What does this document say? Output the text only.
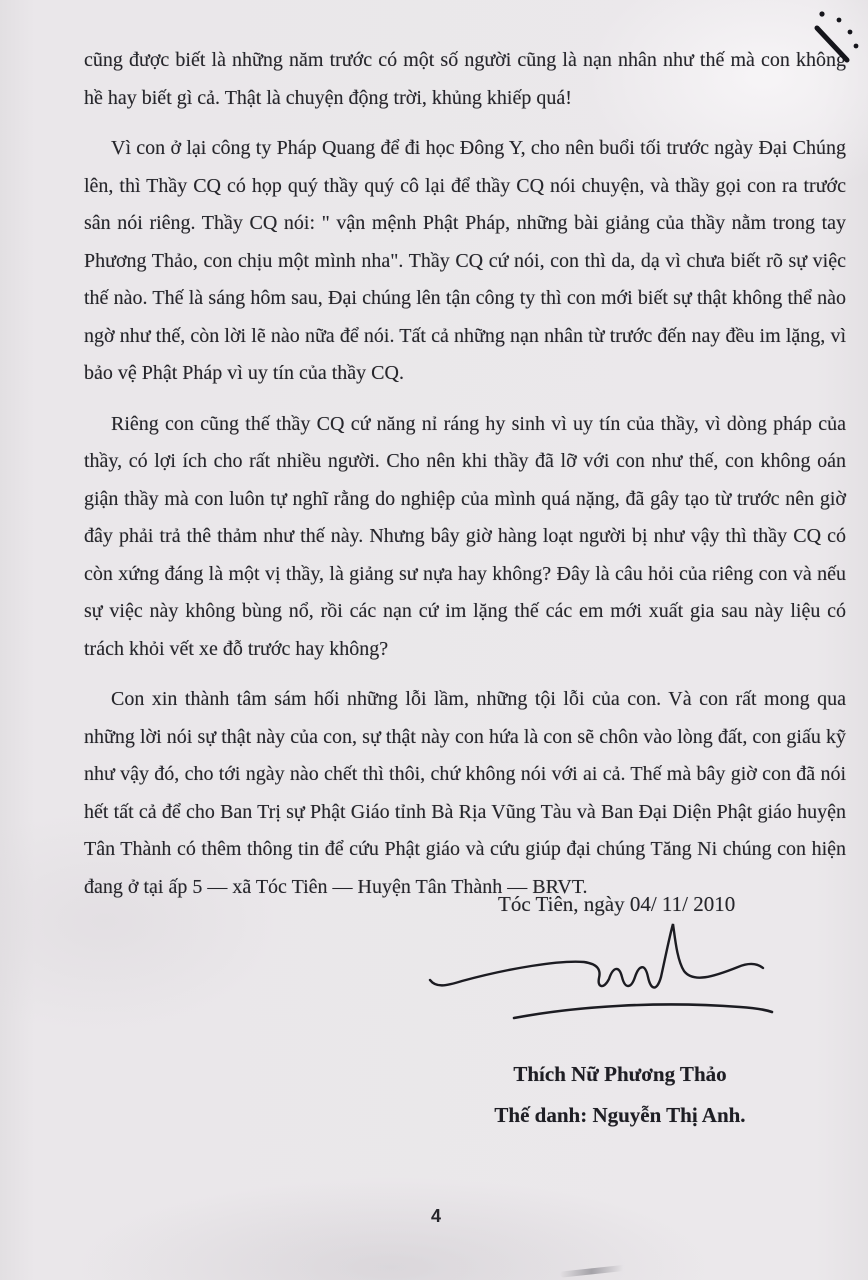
cũng được biết là những năm trước có một số người cũng là nạn nhân như thế mà con không hề hay biết gì cả. Thật là chuyện động trời, khủng khiếp quá!

Vì con ở lại công ty Pháp Quang để đi học Đông Y, cho nên buổi tối trước ngày Đại Chúng lên, thì Thầy CQ có họp quý thầy quý cô lại để thầy CQ nói chuyện, và thầy gọi con ra trước sân nói riêng. Thầy CQ nói: " vận mệnh Phật Pháp, những bài giảng của thầy nằm trong tay Phương Thảo, con chịu một mình nha". Thầy CQ cứ nói, con thì da, dạ vì chưa biết rõ sự việc thế nào. Thế là sáng hôm sau, Đại chúng lên tận công ty thì con mới biết sự thật không thể nào ngờ như thế, còn lời lẽ nào nữa để nói. Tất cả những nạn nhân từ trước đến nay đều im lặng, vì bảo vệ Phật Pháp vì uy tín của thầy CQ.

Riêng con cũng thế thầy CQ cứ năng nỉ ráng hy sinh vì uy tín của thầy, vì dòng pháp của thầy, có lợi ích cho rất nhiều người. Cho nên khi thầy đã lỡ với con như thế, con không oán giận thầy mà con luôn tự nghĩ rằng do nghiệp của mình quá nặng, đã gây tạo từ trước nên giờ đây phải trả thê thảm như thế này. Nhưng bây giờ hàng loạt người bị như vậy thì thầy CQ có còn xứng đáng là một vị thầy, là giảng sư nựa hay không? Đây là câu hỏi của riêng con và nếu sự việc này không bùng nổ, rồi các nạn cứ im lặng thế các em mới xuất gia sau này liệu có trách khỏi vết xe đỗ trước hay không?

Con xin thành tâm sám hối những lỗi lầm, những tội lỗi của con. Và con rất mong qua những lời nói sự thật này của con, sự thật này con hứa là con sẽ chôn vào lòng đất, con giấu kỹ như vậy đó, cho tới ngày nào chết thì thôi, chứ không nói với ai cả. Thế mà bây giờ con đã nói hết tất cả để cho Ban Trị sự Phật Giáo tỉnh Bà Rịa Vũng Tàu và Ban Đại Diện Phật giáo huyện Tân Thành có thêm thông tin để cứu Phật giáo và cứu giúp đại chúng Tăng Ni chúng con hiện đang ở tại ấp 5 — xã Tóc Tiên — Huyện Tân Thành — BRVT.

Tóc Tiên, ngày 04/ 11/ 2010
Thích Nữ Phương Thảo
Thế danh: Nguyễn Thị Anh.
4
